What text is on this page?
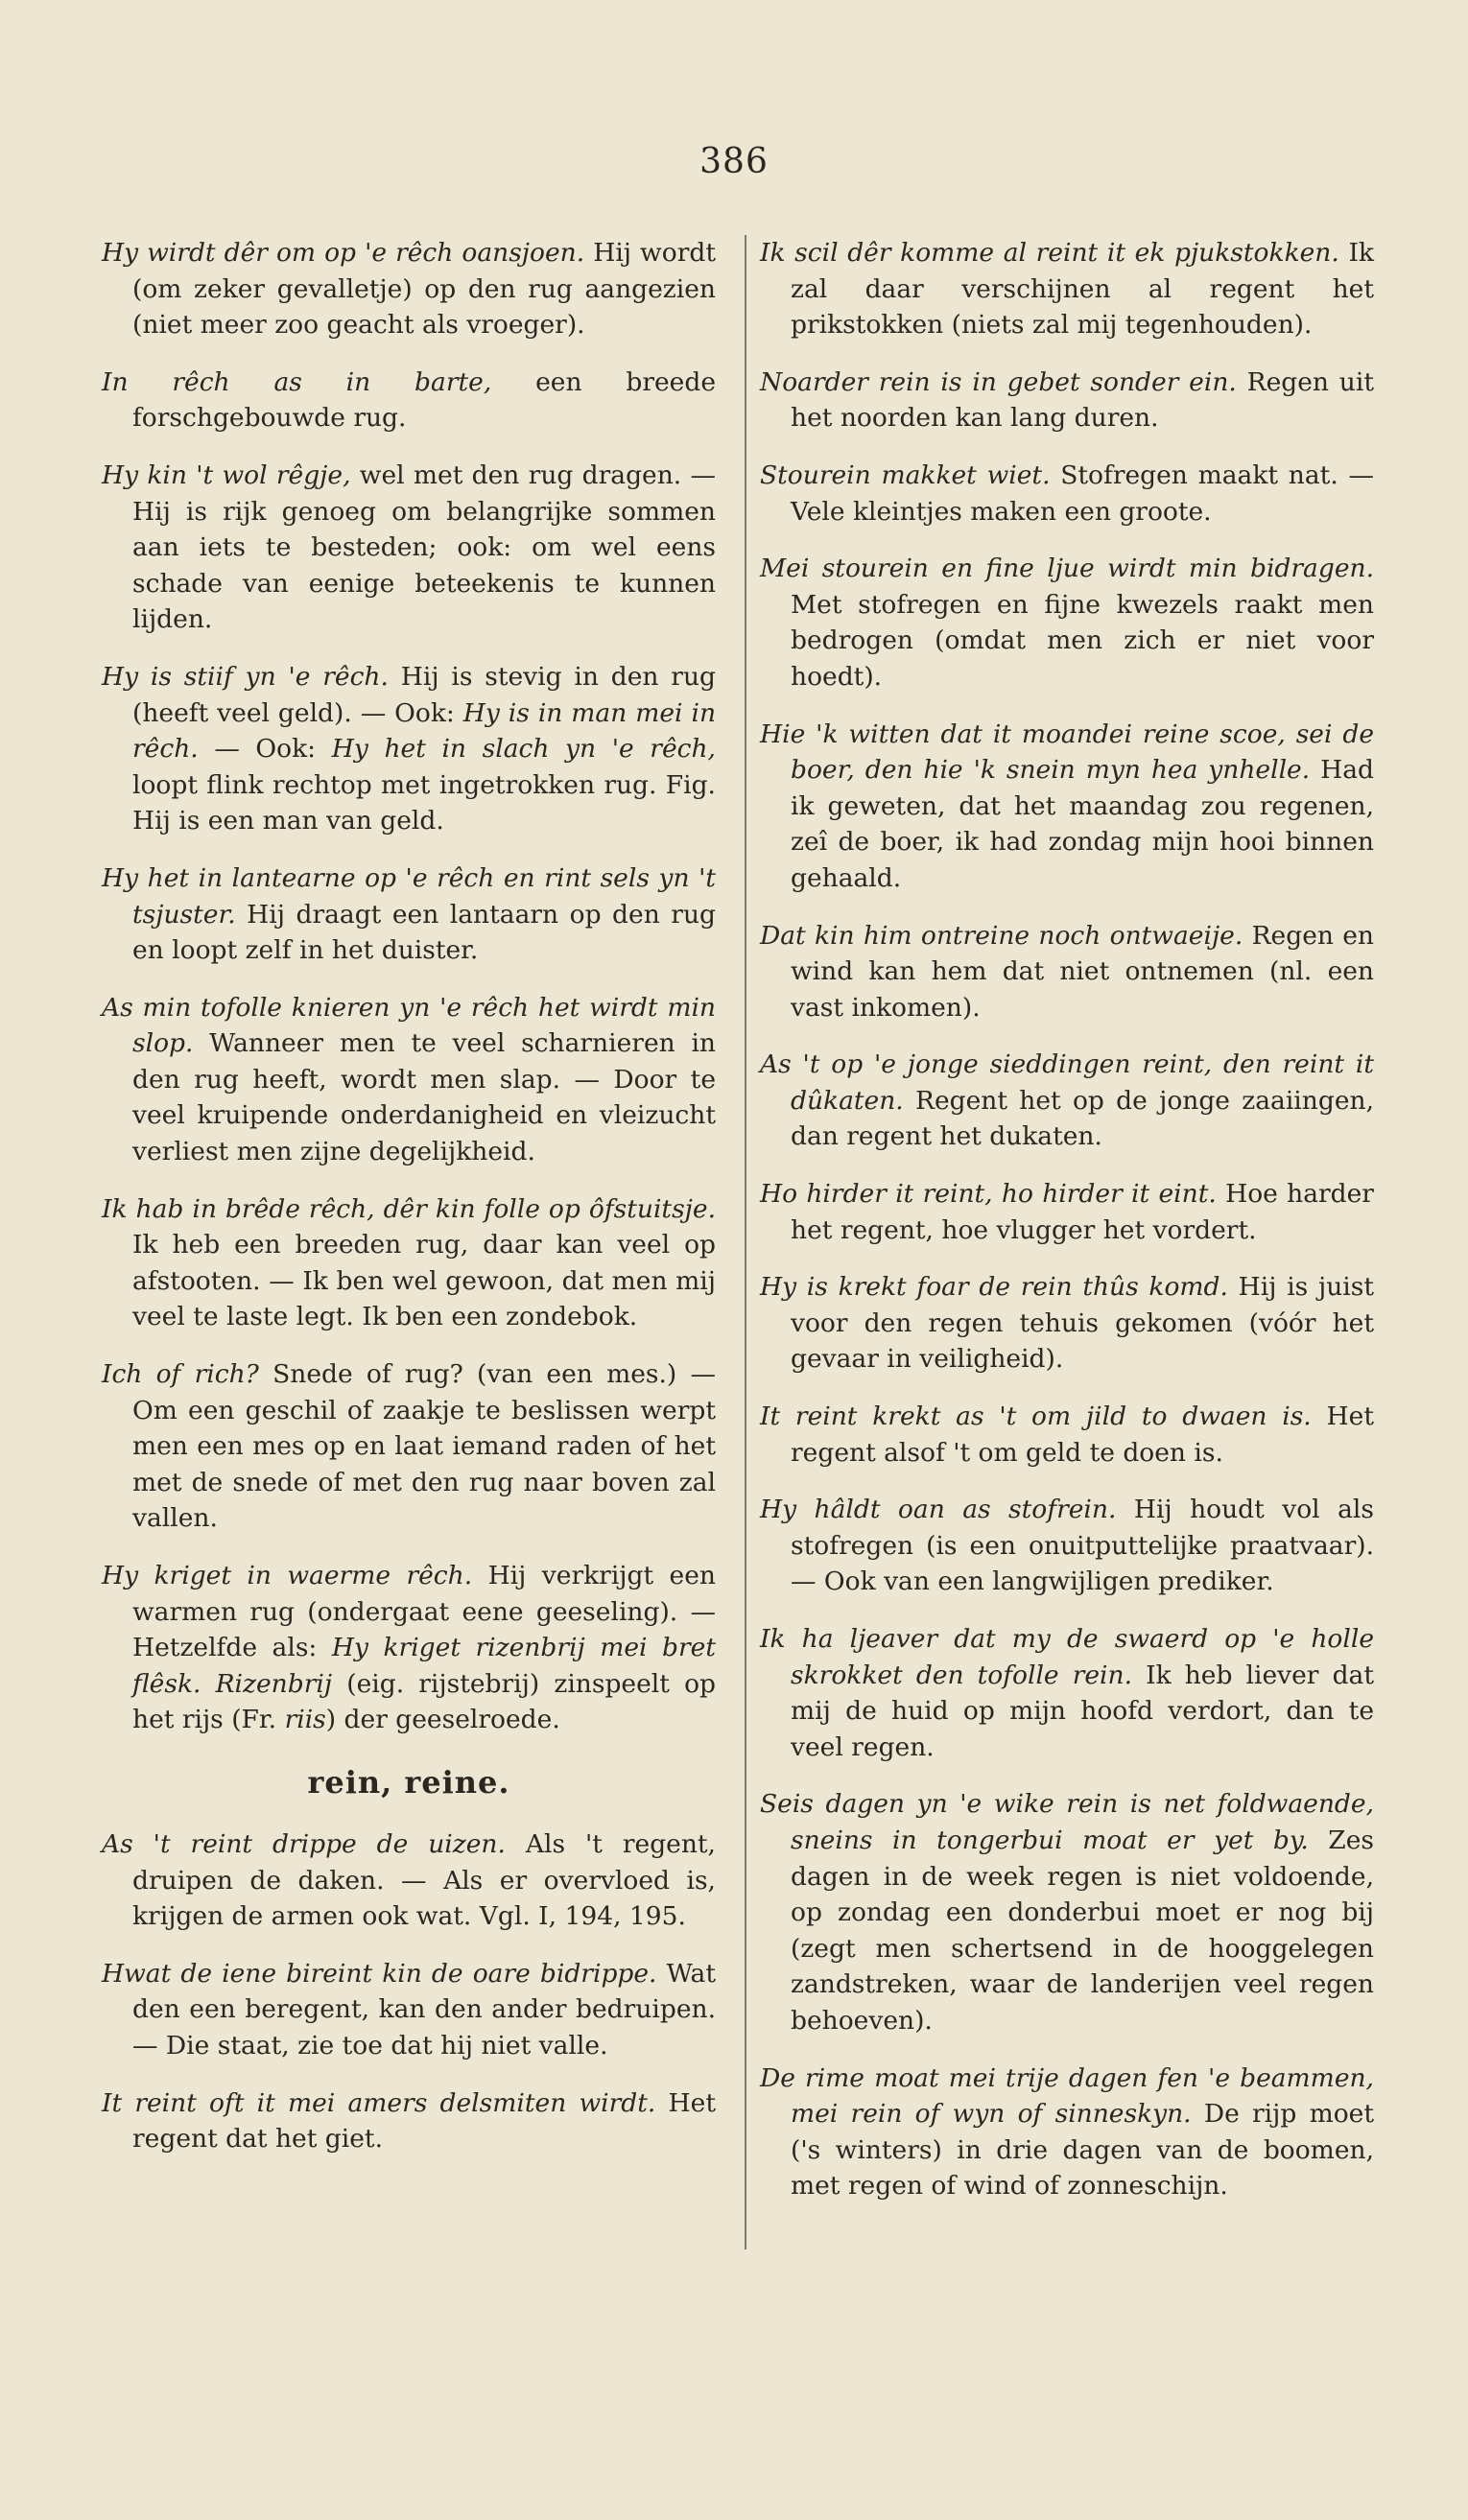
386

Hy wirdt dêr om op 'e rêch oansjoen. Hij wordt (om zeker gevalletje) op den rug aangezien (niet meer zoo geacht als vroeger).

In rêch as in barte, een breede forschgebouwde rug.

Hy kin 't wol rêgje, wel met den rug dragen. — Hij is rijk genoeg om belangrijke sommen aan iets te besteden; ook: om wel eens schade van eenige beteekenis te kunnen lijden.

Hy is stiif yn 'e rêch. Hij is stevig in den rug (heeft veel geld). — Ook: Hy is in man mei in rêch. — Ook: Hy het in slach yn 'e rêch, loopt flink rechtop met ingetrokken rug. Fig. Hij is een man van geld.

Hy het in lantearne op 'e rêch en rint sels yn 't tsjuster. Hij draagt een lantaarn op den rug en loopt zelf in het duister.

As min tofolle knieren yn 'e rêch het wirdt min slop. Wanneer men te veel scharnieren in den rug heeft, wordt men slap. — Door te veel kruipende onderdanigheid en vleizucht verliest men zijne degelijkheid.

Ik hab in brêde rêch, dêr kin folle op ôfstuitsje. Ik heb een breeden rug, daar kan veel op afstooten. — Ik ben wel gewoon, dat men mij veel te laste legt. Ik ben een zondebok.

Ich of rich? Snede of rug? (van een mes.) — Om een geschil of zaakje te beslissen werpt men een mes op en laat iemand raden of het met de snede of met den rug naar boven zal vallen.

Hy kriget in waerme rêch. Hij verkrijgt een warmen rug (ondergaat eene geeseling). — Hetzelfde als: Hy kriget rizenbrij mei bret flêsk. Rizenbrij (eig. rijstebrij) zinspeelt op het rijs (Fr. riis) der geeselroede.

rein, reine.

As 't reint drippe de uizen. Als 't regent, druipen de daken. — Als er overvloed is, krijgen de armen ook wat. Vgl. I, 194, 195.

Hwat de iene bireint kin de oare bidrippe. Wat den een beregent, kan den ander bedruipen. — Die staat, zie toe dat hij niet valle.

It reint oft it mei amers delsmiten wirdt. Het regent dat het giet.

Ik scil dêr komme al reint it ek pjukstokken. Ik zal daar verschijnen al regent het prikstokken (niets zal mij tegenhouden).

Noarder rein is in gebet sonder ein. Regen uit het noorden kan lang duren.

Stourein makket wiet. Stofregen maakt nat. — Vele kleintjes maken een groote.

Mei stourein en fine ljue wirdt min bidragen. Met stofregen en fijne kwezels raakt men bedrogen (omdat men zich er niet voor hoedt).

Hie 'k witten dat it moandei reine scoe, sei de boer, den hie 'k snein myn hea ynhelle. Had ik geweten, dat het maandag zou regenen, zeî de boer, ik had zondag mijn hooi binnen gehaald.

Dat kin him ontreine noch ontwaeije. Regen en wind kan hem dat niet ontnemen (nl. een vast inkomen).

As 't op 'e jonge sieddingen reint, den reint it dûkaten. Regent het op de jonge zaaiingen, dan regent het dukaten.

Ho hirder it reint, ho hirder it eint. Hoe harder het regent, hoe vlugger het vordert.

Hy is krekt foar de rein thûs komd. Hij is juist voor den regen tehuis gekomen (vóór het gevaar in veiligheid).

It reint krekt as 't om jild to dwaen is. Het regent alsof 't om geld te doen is.

Hy hâldt oan as stofrein. Hij houdt vol als stofregen (is een onuitputtelijke praatvaar). — Ook van een langwijligen prediker.

Ik ha ljeaver dat my de swaerd op 'e holle skrokket den tofolle rein. Ik heb liever dat mij de huid op mijn hoofd verdort, dan te veel regen.

Seis dagen yn 'e wike rein is net foldwaende, sneins in tongerbui moat er yet by. Zes dagen in de week regen is niet voldoende, op zondag een donderbui moet er nog bij (zegt men schertsend in de hooggelegen zandstreken, waar de landerijen veel regen behoeven).

De rime moat mei trije dagen fen 'e beammen, mei rein of wyn of sinneskyn. De rijp moet ('s winters) in drie dagen van de boomen, met regen of wind of zonneschijn.
